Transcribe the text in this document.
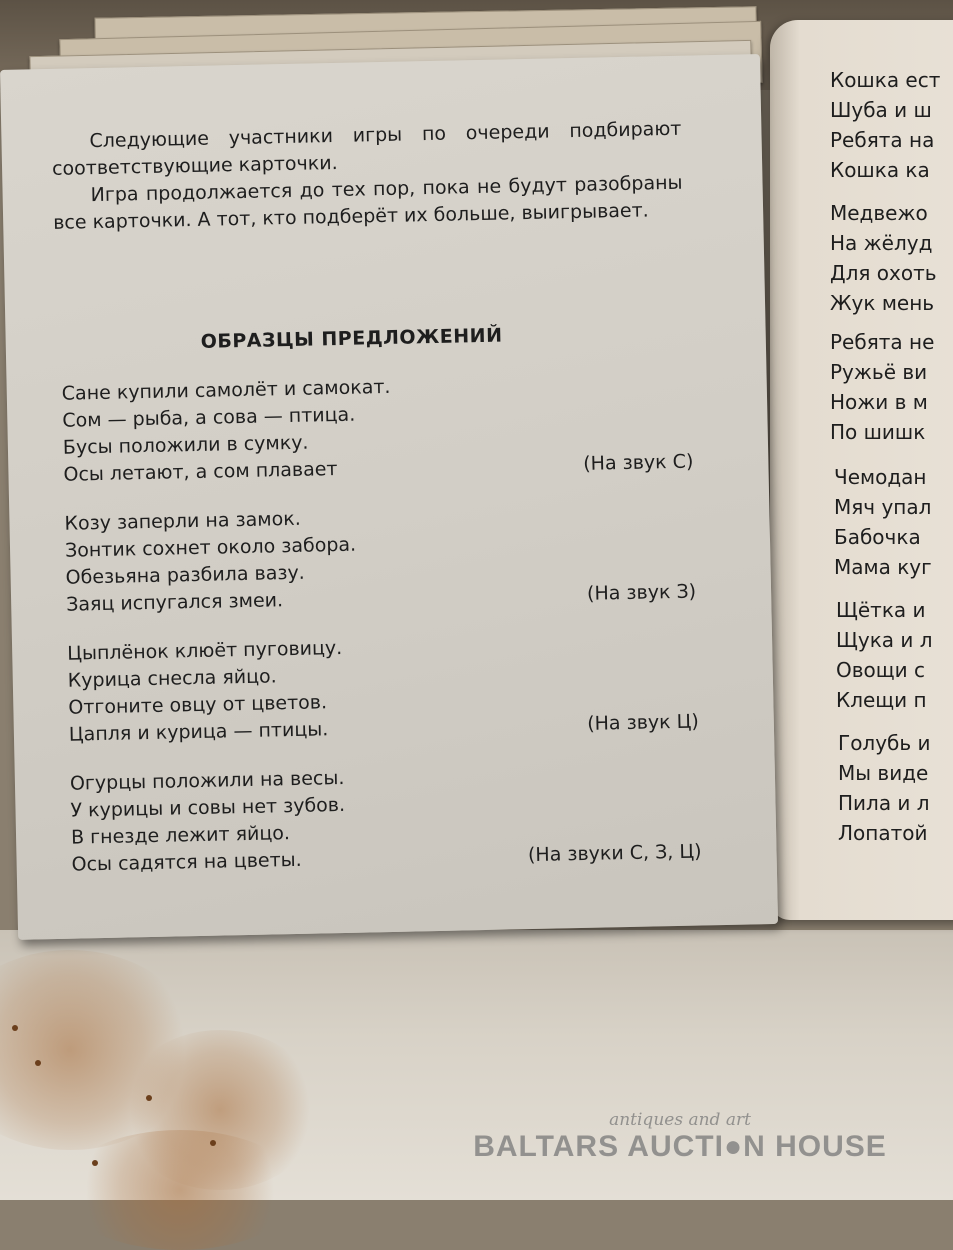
Кошка ест
Шуба и ш
Ребята на
Кошка ка
Медвежо
На жёлуд
Для охоть
Жук мень
Ребята не
Ружьё ви
Ножи в м
По шишк
Чемодан
Мяч упал
Бабочка
Мама куг
Щётка и
Щука и л
Овощи с
Клещи п
Голубь и
Мы виде
Пила и л
Лопатой

Следующие участники игры по очереди подбирают соответствующие карточки.

Игра продолжается до тех пор, пока не будут разобраны все карточки. А тот, кто подберёт их больше, выигрывает.

ОБРАЗЦЫ ПРЕДЛОЖЕНИЙ
Сане купили самолёт и самокат.
Сом — рыба, а сова — птица.
Бусы положили в сумку.
Осы летают, а сом плавает	(На звук С)
Козу заперли на замок.
Зонтик сохнет около забора.
Обезьяна разбила вазу.
Заяц испугался змеи.	(На звук З)
Цыплёнок клюёт пуговицу.
Курица снесла яйцо.
Отгоните овцу от цветов.
Цапля и курица — птицы.	(На звук Ц)
Огурцы положили на весы.
У курицы и совы нет зубов.
В гнезде лежит яйцо.
Осы садятся на цветы.	(На звуки С, З, Ц)
antiques and art
BALTARS AUCTI●N HOUSE
